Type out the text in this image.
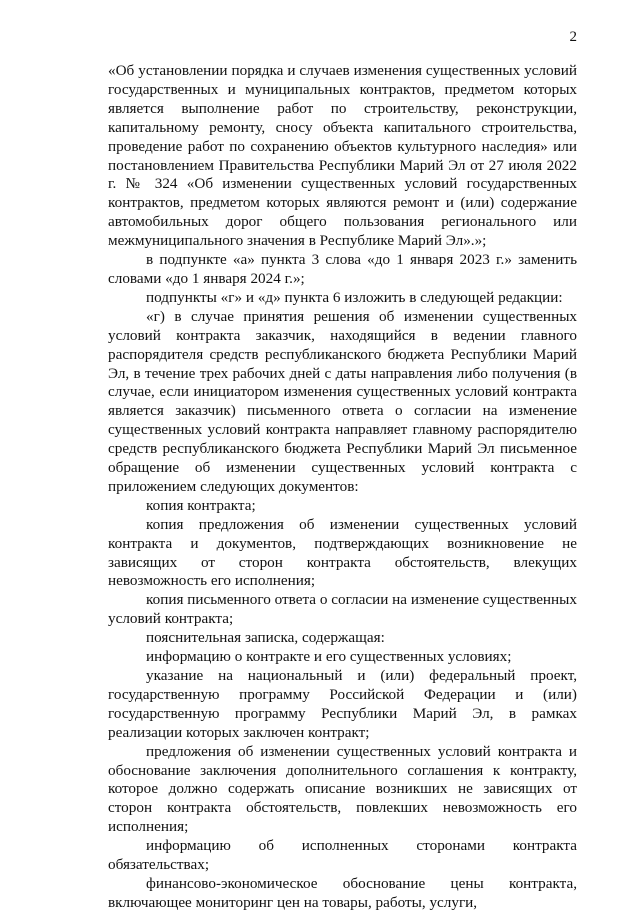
2

«Об установлении порядка и случаев изменения существенных условий государственных и муниципальных контрактов, предметом которых является выполнение работ по строительству, реконструкции, капитальному ремонту, сносу объекта капитального строительства, проведение работ по сохранению объектов культурного наследия» или постановлением Правительства Республики Марий Эл от 27 июля 2022 г. № 324 «Об изменении существенных условий государственных контрактов, предметом которых являются ремонт и (или) содержание автомобильных дорог общего пользования регионального или межмуниципального значения в Республике Марий Эл».»;

в подпункте «а» пункта 3 слова «до 1 января 2023 г.» заменить словами «до 1 января 2024 г.»;

подпункты «г» и «д» пункта 6 изложить в следующей редакции:

«г) в случае принятия решения об изменении существенных условий контракта заказчик, находящийся в ведении главного распорядителя средств республиканского бюджета Республики Марий Эл, в течение трех рабочих дней с даты направления либо получения (в случае, если инициатором изменения существенных условий контракта является заказчик) письменного ответа о согласии на изменение существенных условий контракта направляет главному распорядителю средств республиканского бюджета Республики Марий Эл письменное обращение об изменении существенных условий контракта с приложением следующих документов:

копия контракта;

копия предложения об изменении существенных условий контракта и документов, подтверждающих возникновение не зависящих от сторон контракта обстоятельств, влекущих невозможность его исполнения;

копия письменного ответа о согласии на изменение существенных условий контракта;

пояснительная записка, содержащая:

информацию о контракте и его существенных условиях;

указание на национальный и (или) федеральный проект, государственную программу Российской Федерации и (или) государственную программу Республики Марий Эл, в рамках реализации которых заключен контракт;

предложения об изменении существенных условий контракта и обоснование заключения дополнительного соглашения к контракту, которое должно содержать описание возникших не зависящих от сторон контракта обстоятельств, повлекших невозможность его исполнения;

информацию об исполненных сторонами контракта обязательствах;

финансово-экономическое обоснование цены контракта, включающее мониторинг цен на товары, работы, услуги,
